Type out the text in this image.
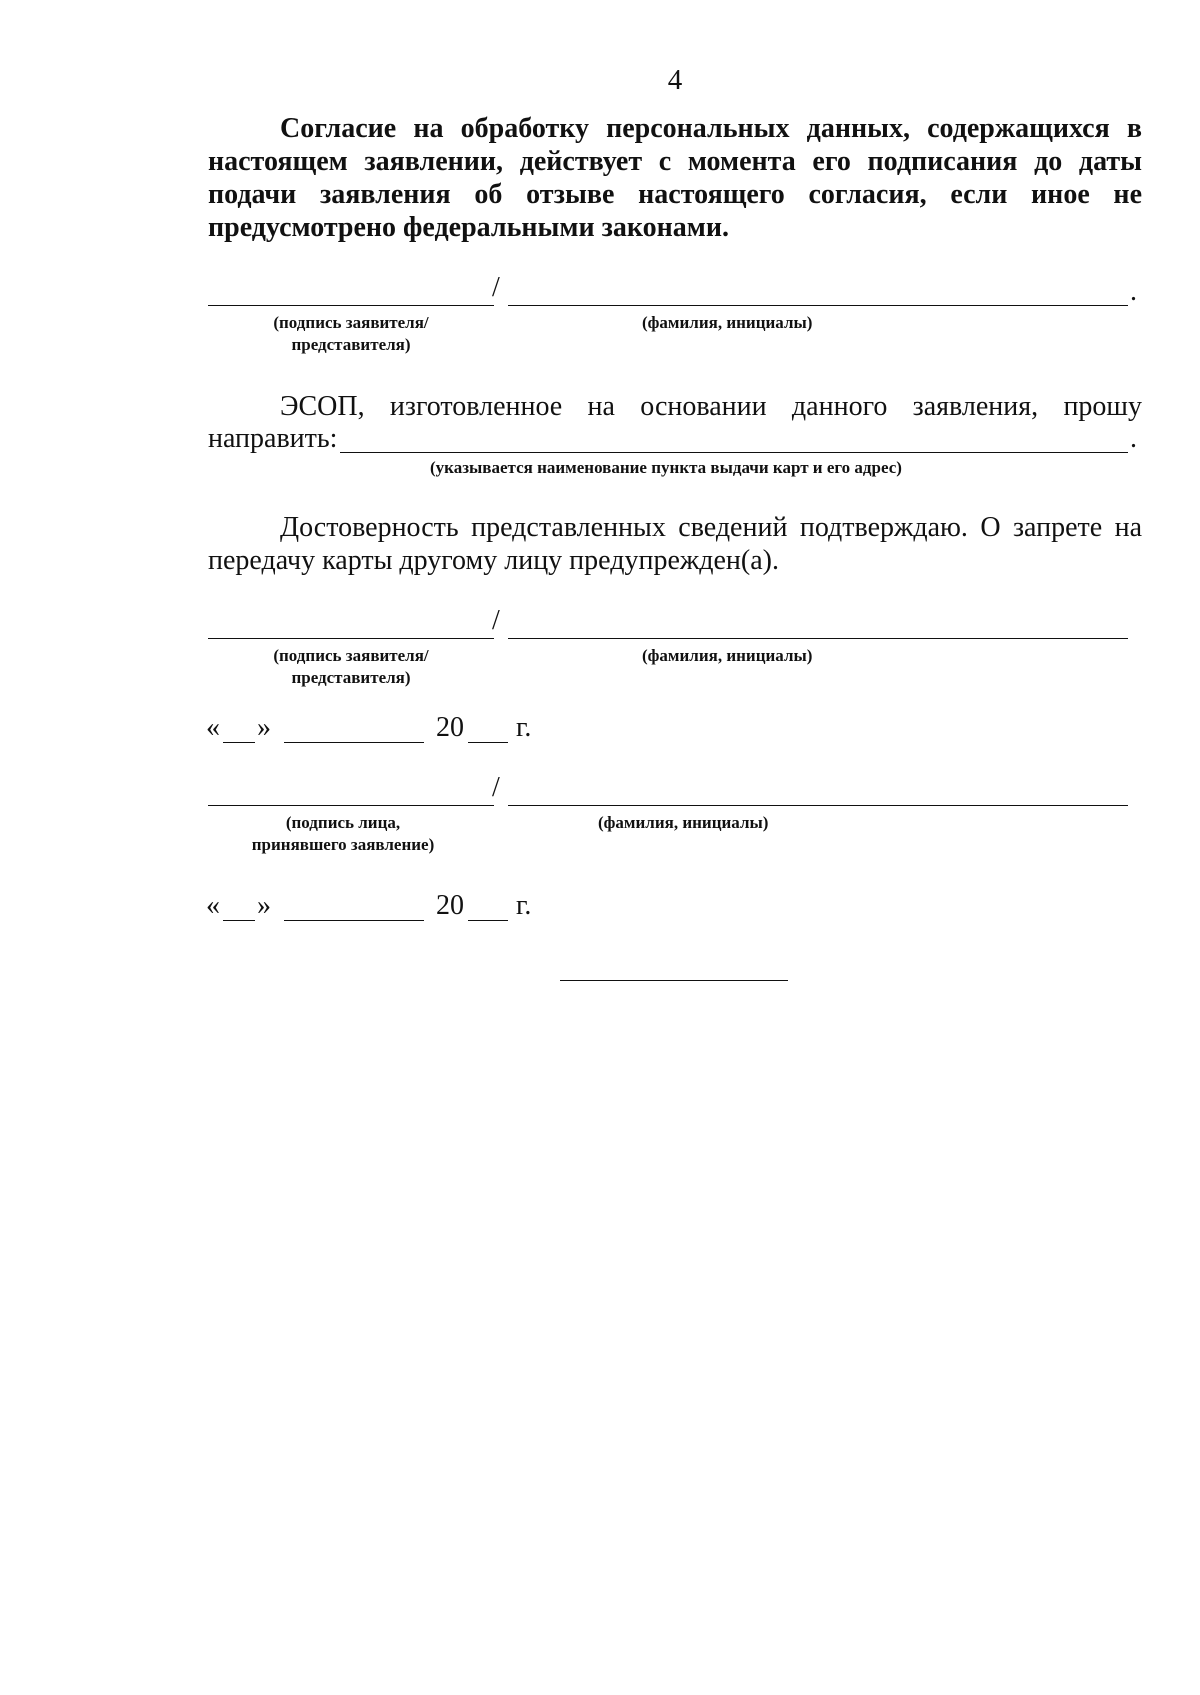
4

Согласие на обработку персональных данных, содержащихся в настоящем заявлении, действует с момента его подписания до даты подачи заявления об отзыве настоящего согласия, если иное не предусмотрено федеральными законами.

/	.
(подпись заявителя/ представителя)
(фамилия, инициалы)

ЭСОП, изготовленное на основании данного заявления, прошу

направить:	.
(указывается наименование пункта выдачи карт и его адрес)

Достоверность представленных сведений подтверждаю. О запрете на передачу карты другому лицу предупрежден(а).

/
(подпись заявителя/ представителя)
(фамилия, инициалы)
« »	20 г.
/
(подпись лица, принявшего заявление)
(фамилия, инициалы)
« »	20 г.
